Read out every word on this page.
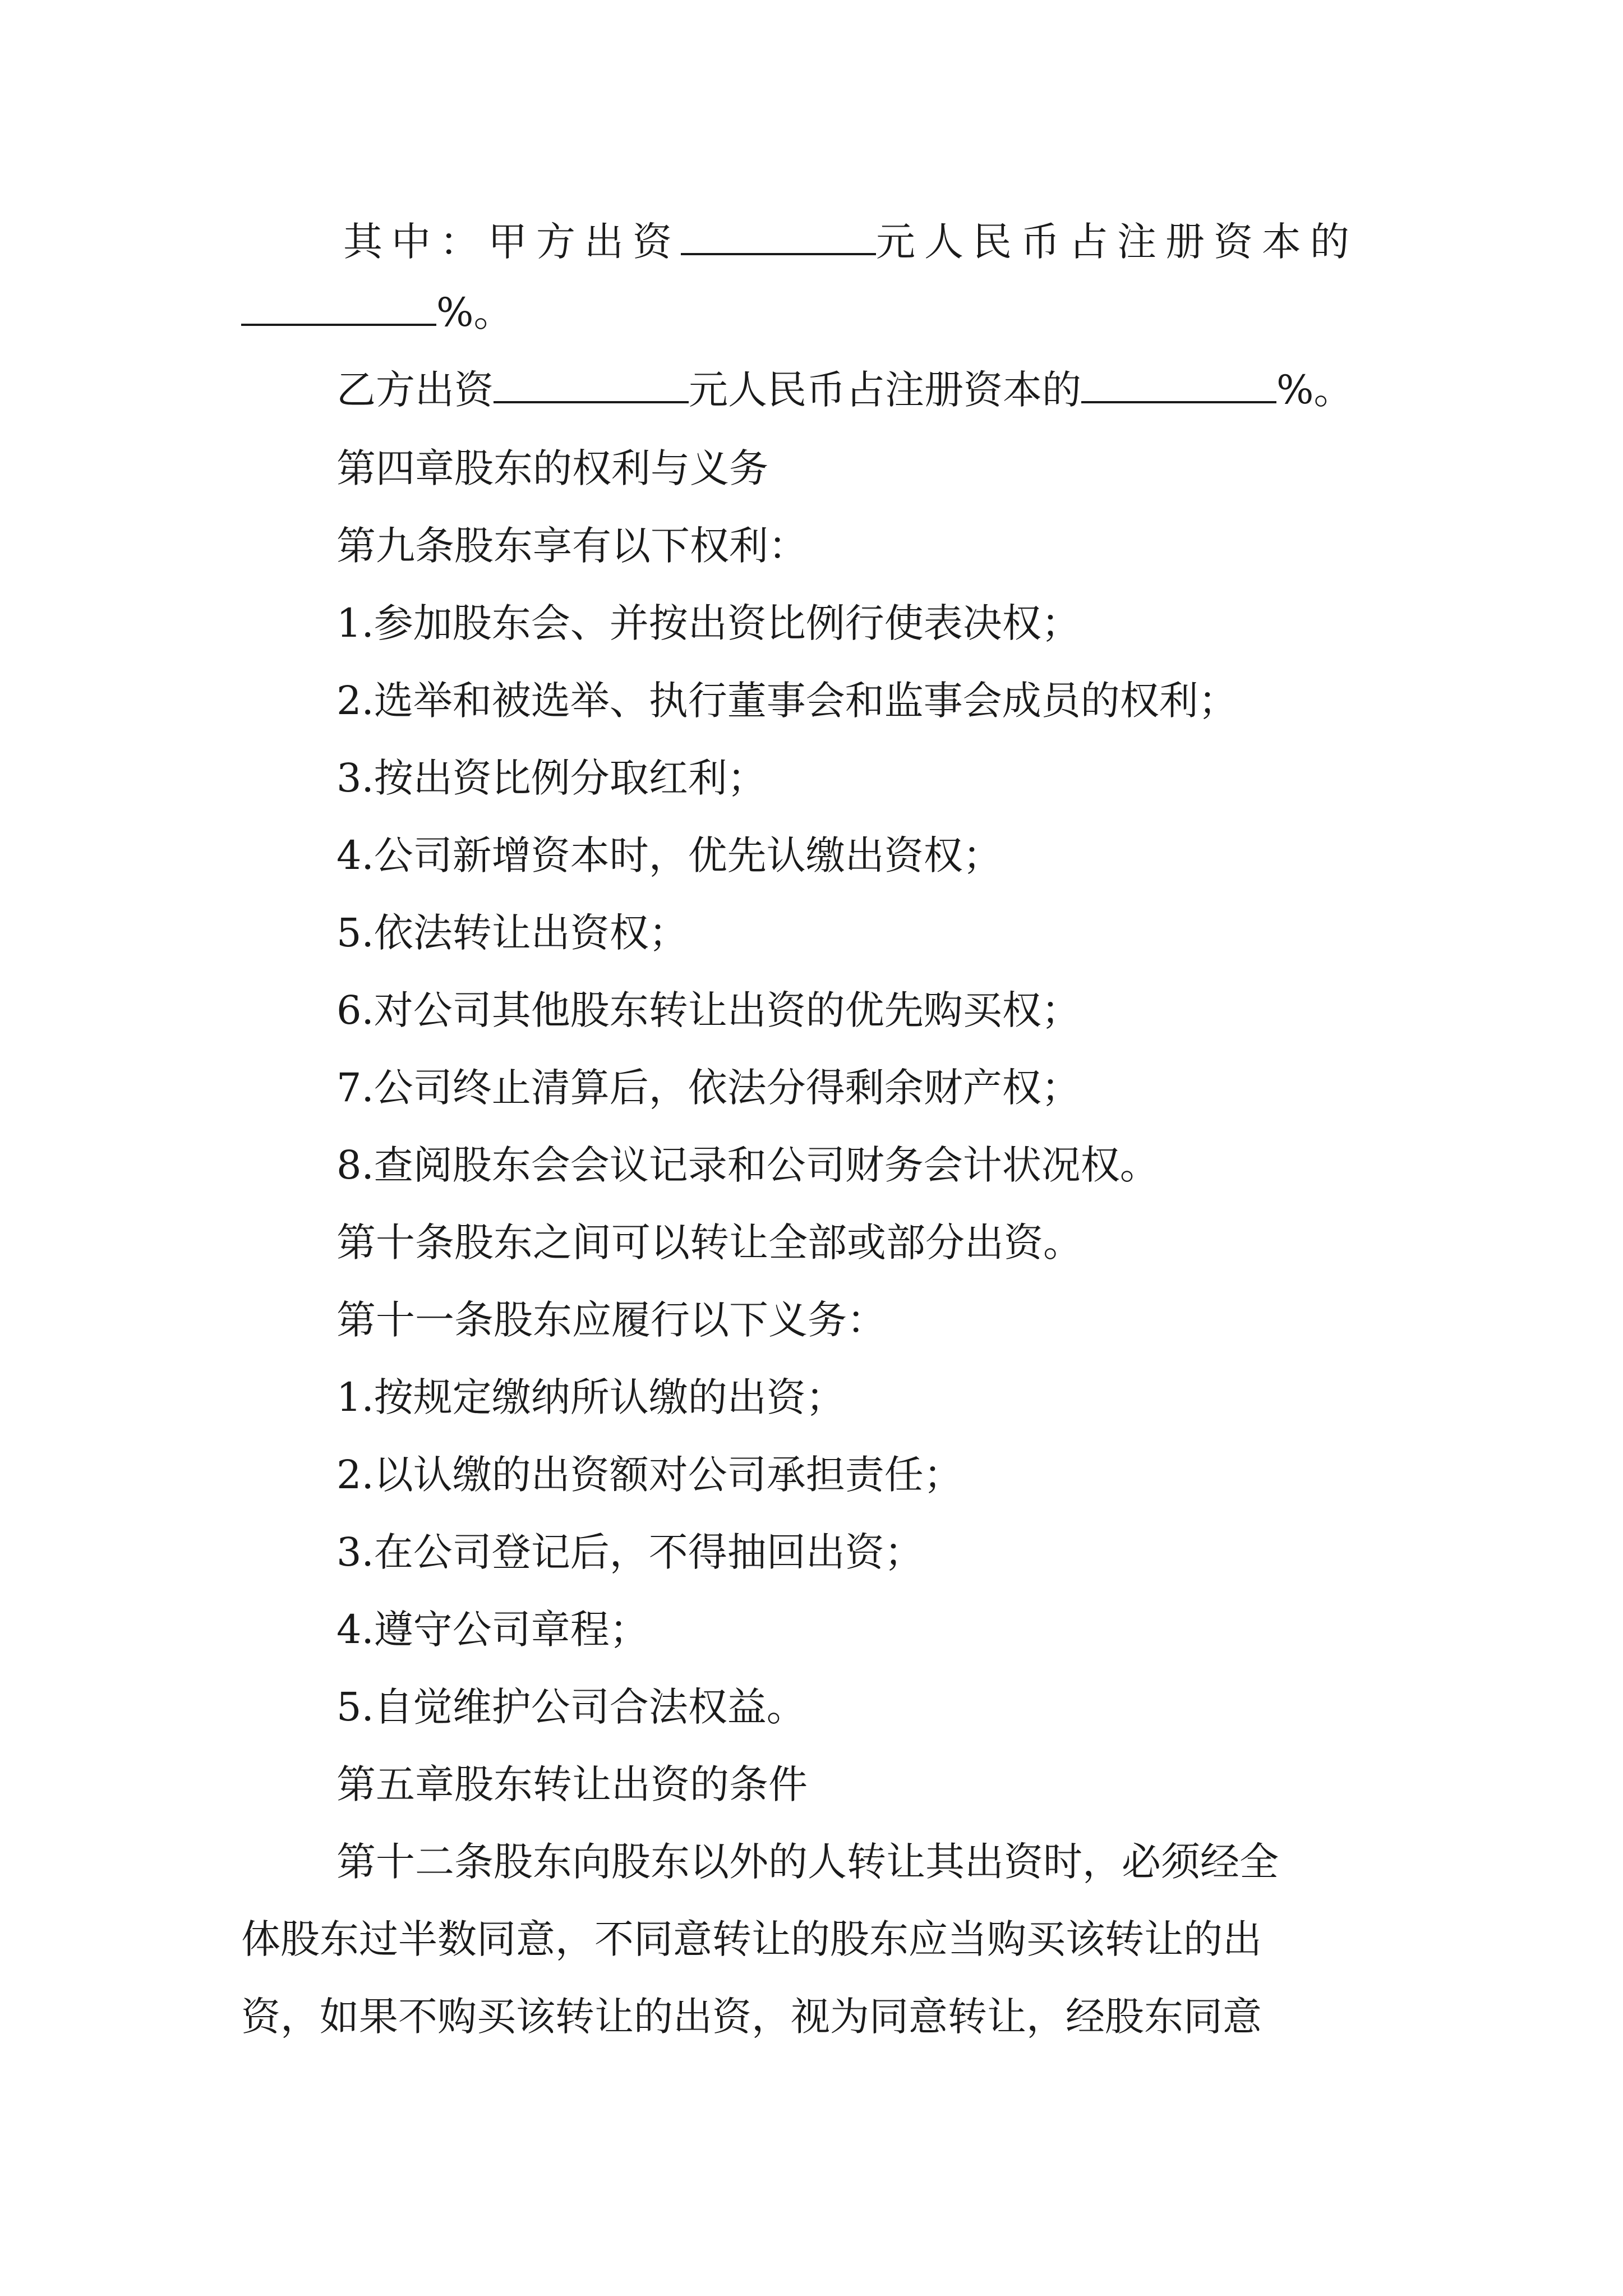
其中：甲方出资	元人民币占注册资本的
%。
乙方出资	元人民币占注册资本的	%。
第四章股东的权利与义务
第九条股东享有以下权利：
1.参加股东会、并按出资比例行使表决权；
2.选举和被选举、执行董事会和监事会成员的权利；
3.按出资比例分取红利；
4.公司新增资本时，优先认缴出资权；
5.依法转让出资权；
6.对公司其他股东转让出资的优先购买权；
7.公司终止清算后，依法分得剩余财产权；
8.查阅股东会会议记录和公司财务会计状况权。
第十条股东之间可以转让全部或部分出资。
第十一条股东应履行以下义务：
1.按规定缴纳所认缴的出资；
2.以认缴的出资额对公司承担责任；
3.在公司登记后，不得抽回出资；
4.遵守公司章程；
5.自觉维护公司合法权益。
第五章股东转让出资的条件
第十二条股东向股东以外的人转让其出资时，必须经全
体股东过半数同意，不同意转让的股东应当购买该转让的出
资，如果不购买该转让的出资，视为同意转让，经股东同意
